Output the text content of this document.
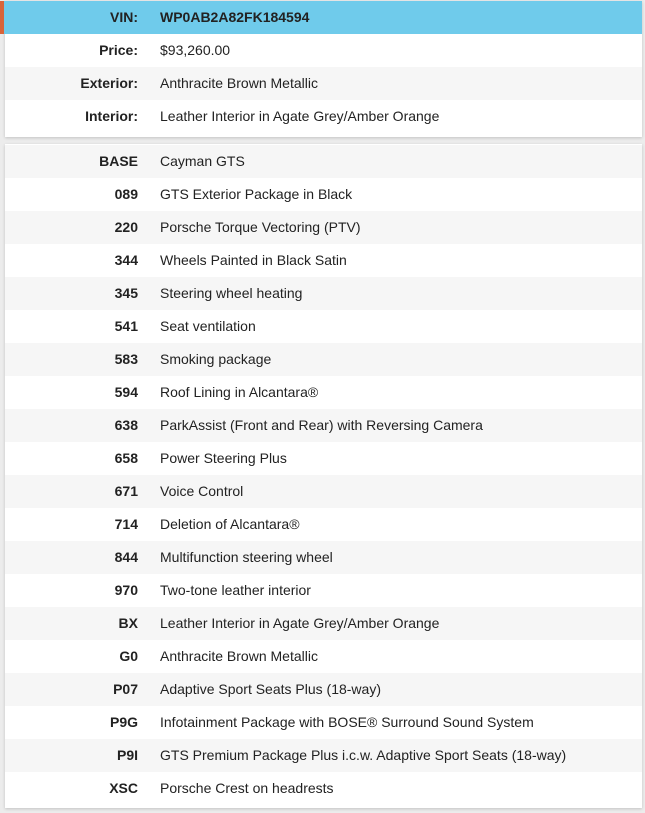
VIN: WP0AB2A82FK184594
Price: $93,260.00
Exterior: Anthracite Brown Metallic
Interior: Leather Interior in Agate Grey/Amber Orange
BASE Cayman GTS
089 GTS Exterior Package in Black
220 Porsche Torque Vectoring (PTV)
344 Wheels Painted in Black Satin
345 Steering wheel heating
541 Seat ventilation
583 Smoking package
594 Roof Lining in Alcantara®
638 ParkAssist (Front and Rear) with Reversing Camera
658 Power Steering Plus
671 Voice Control
714 Deletion of Alcantara®
844 Multifunction steering wheel
970 Two-tone leather interior
BX Leather Interior in Agate Grey/Amber Orange
G0 Anthracite Brown Metallic
P07 Adaptive Sport Seats Plus (18-way)
P9G Infotainment Package with BOSE® Surround Sound System
P9I GTS Premium Package Plus i.c.w. Adaptive Sport Seats (18-way)
XSC Porsche Crest on headrests
